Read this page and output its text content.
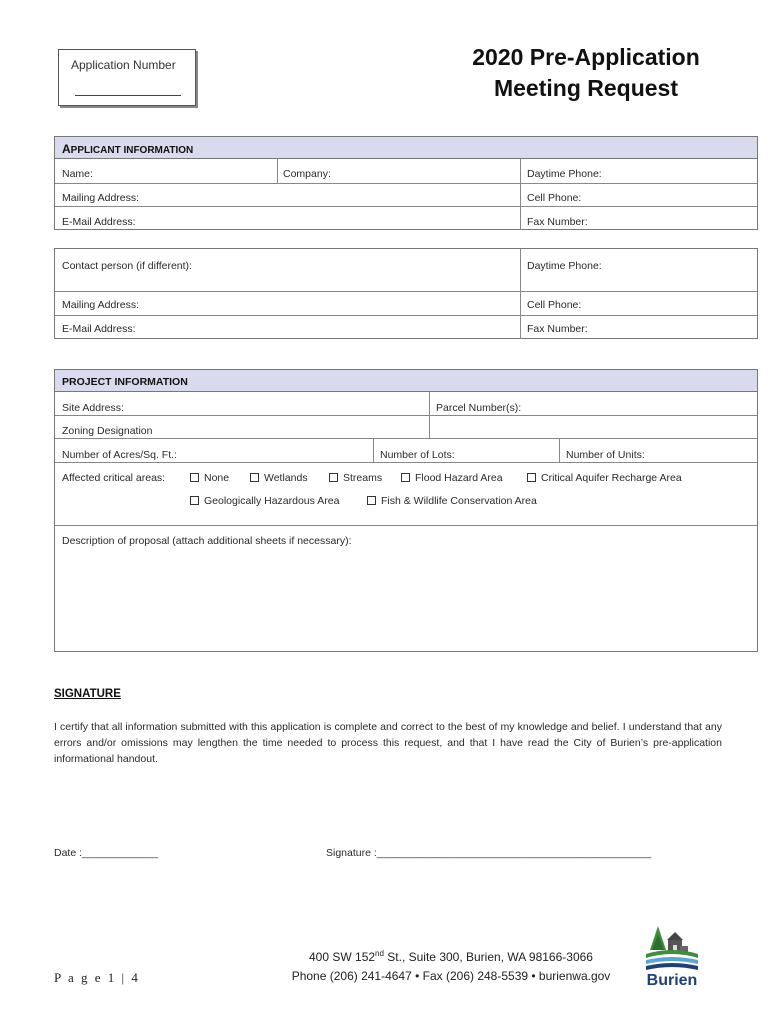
Application Number	2020 Pre-Application
Meeting Request
APPLICANT INFORMATION
Name:	Company:	Daytime Phone:
Mailing Address:	Cell Phone:
E-Mail Address:	Fax Number:
Contact person (if different):	Daytime Phone:
Mailing Address:	Cell Phone:
E-Mail Address:	Fax Number:
PROJECT INFORMATION
Site Address:	Parcel Number(s):
Zoning Designation
Number of Acres/Sq. Ft.:	Number of Lots:	Number of Units:
Affected critical areas:	None	Wetlands	Streams	Flood Hazard Area	Critical Aquifer Recharge Area
Geologically Hazardous Area	Fish & Wildlife Conservation Area
Description of proposal (attach additional sheets if necessary):
SIGNATURE
I certify that all information submitted with this application is complete and correct to the best of my knowledge and belief. I understand that any errors and/or omissions may lengthen the time needed to process this request, and that I have read the City of Burien’s pre-application informational handout.
Date :_____________	Signature :_______________________________________________
P a g e 1 | 4
400 SW 152nd St., Suite 300, Burien, WA 98166-3066
Phone (206) 241-4647 • Fax (206) 248-5539 • burienwa.gov	Burien
